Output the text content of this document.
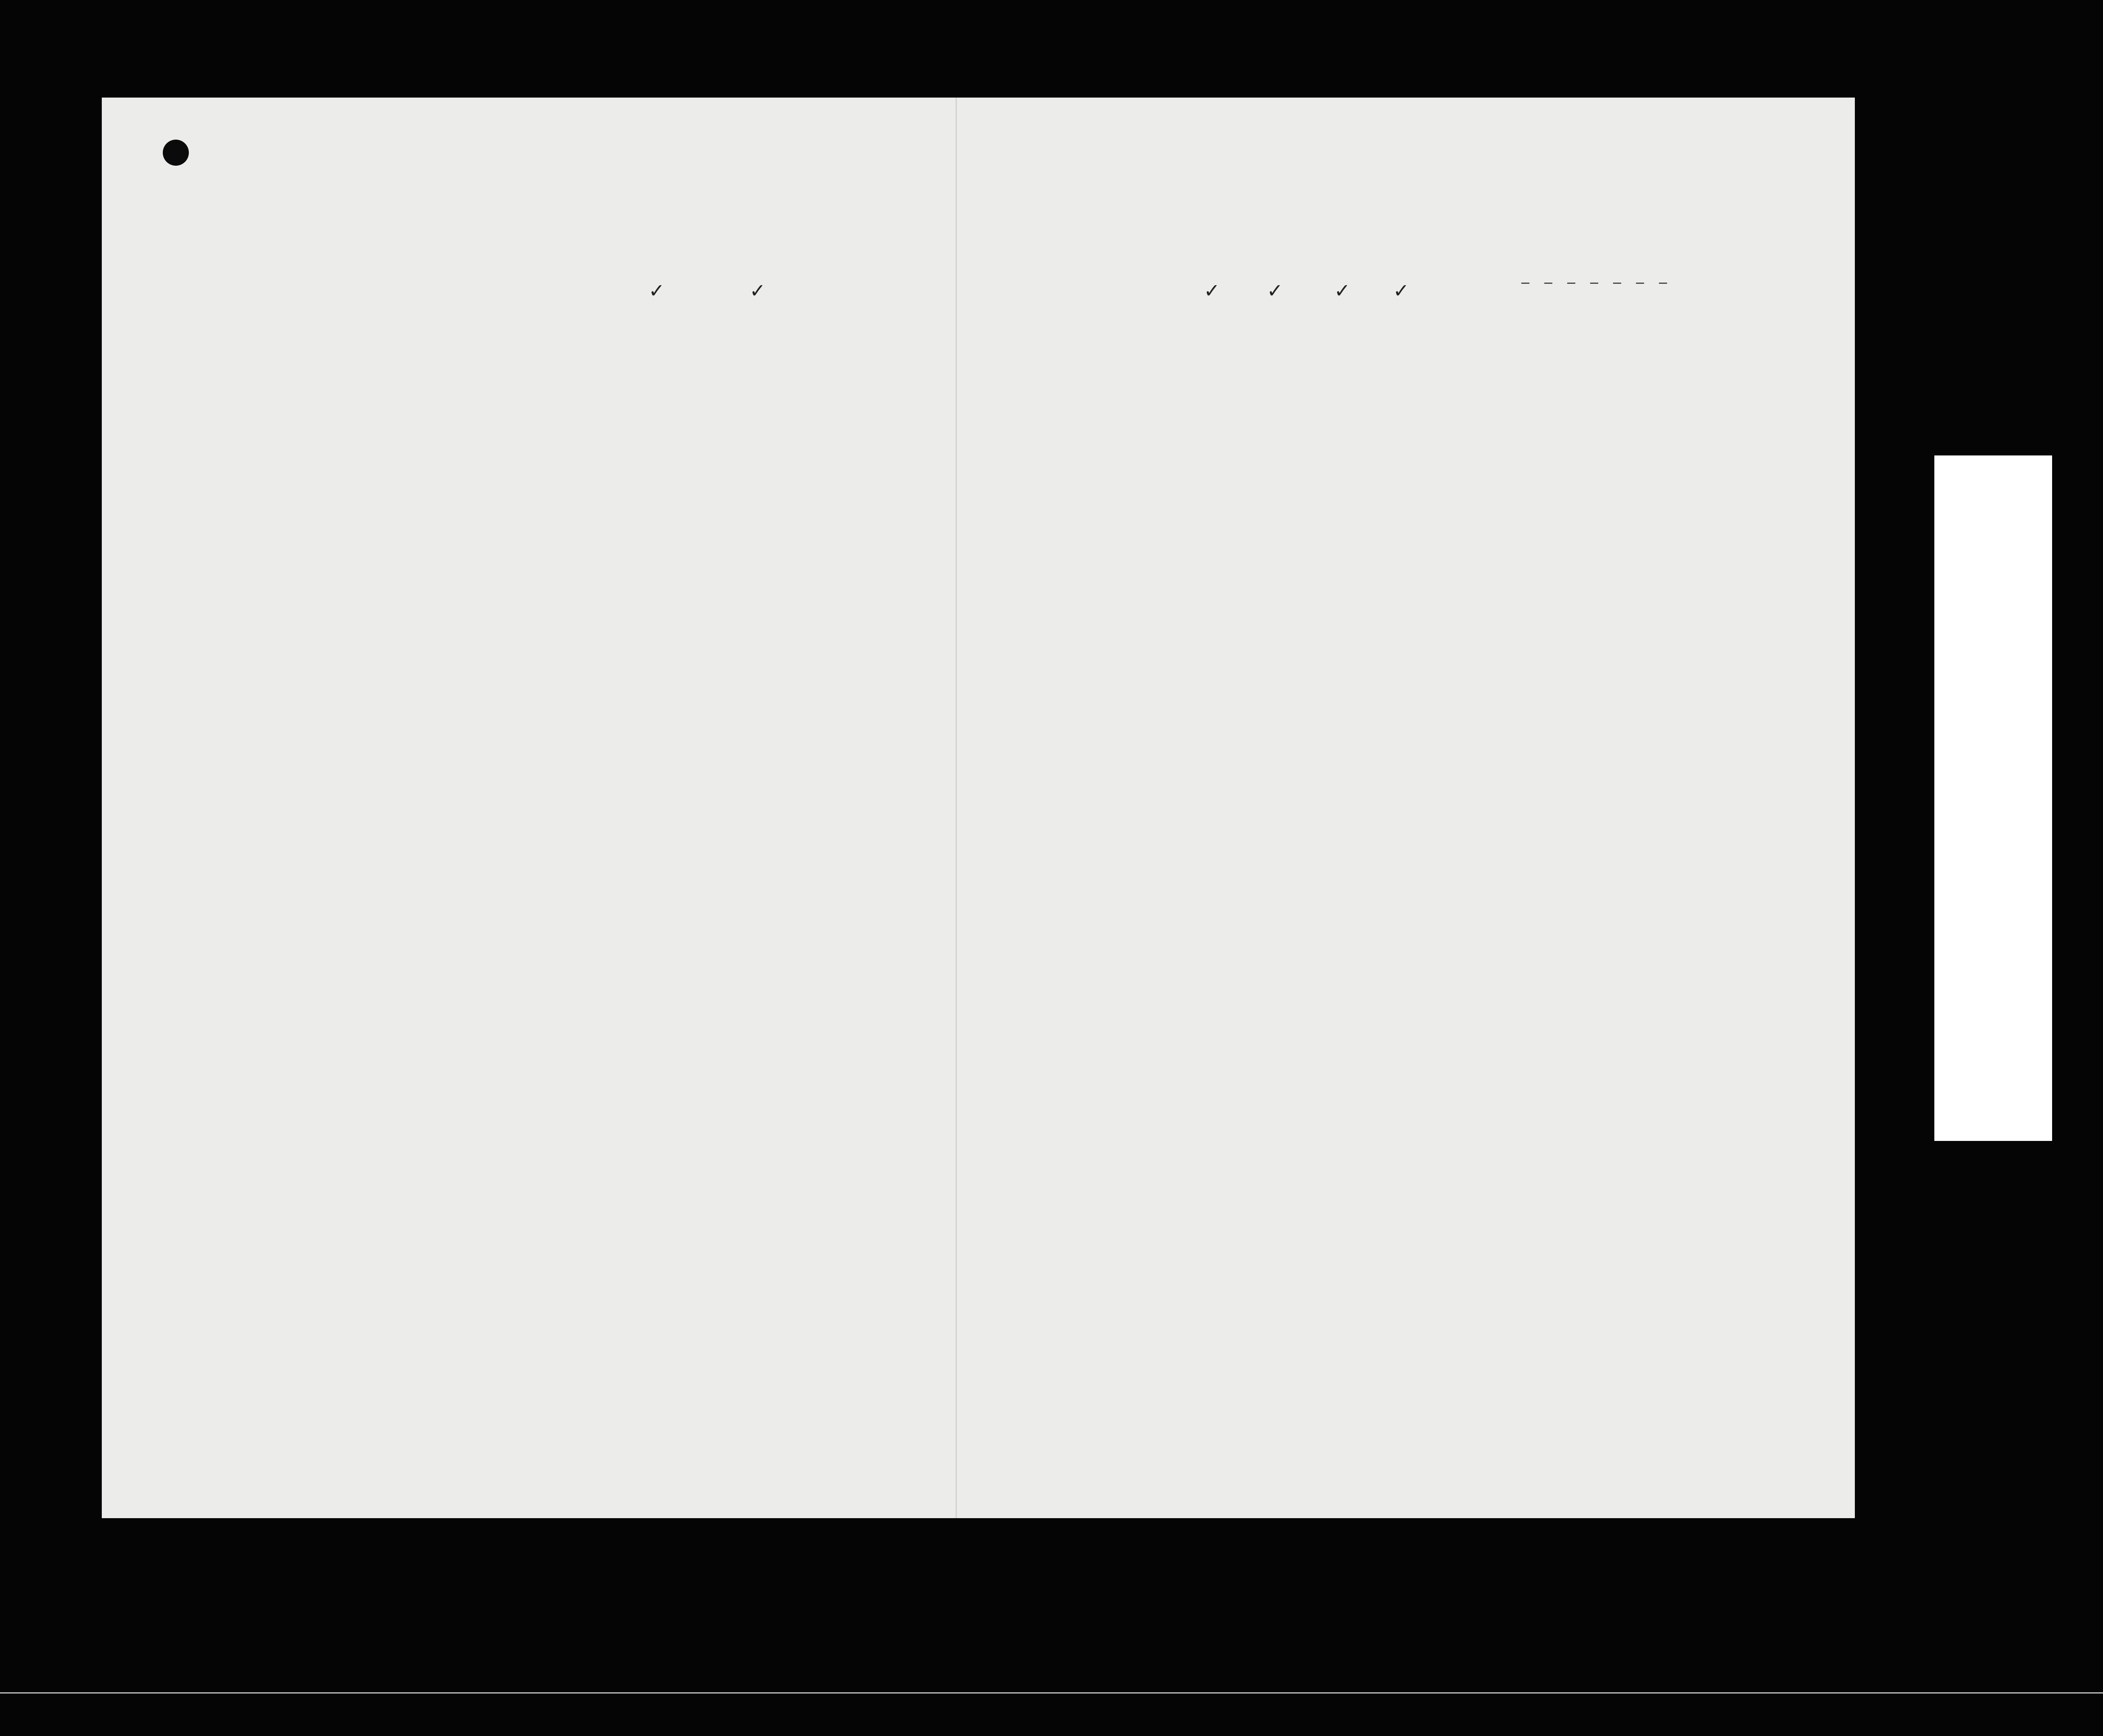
– – – – – – –
✓	✓	✓ ✓	✓ ✓
